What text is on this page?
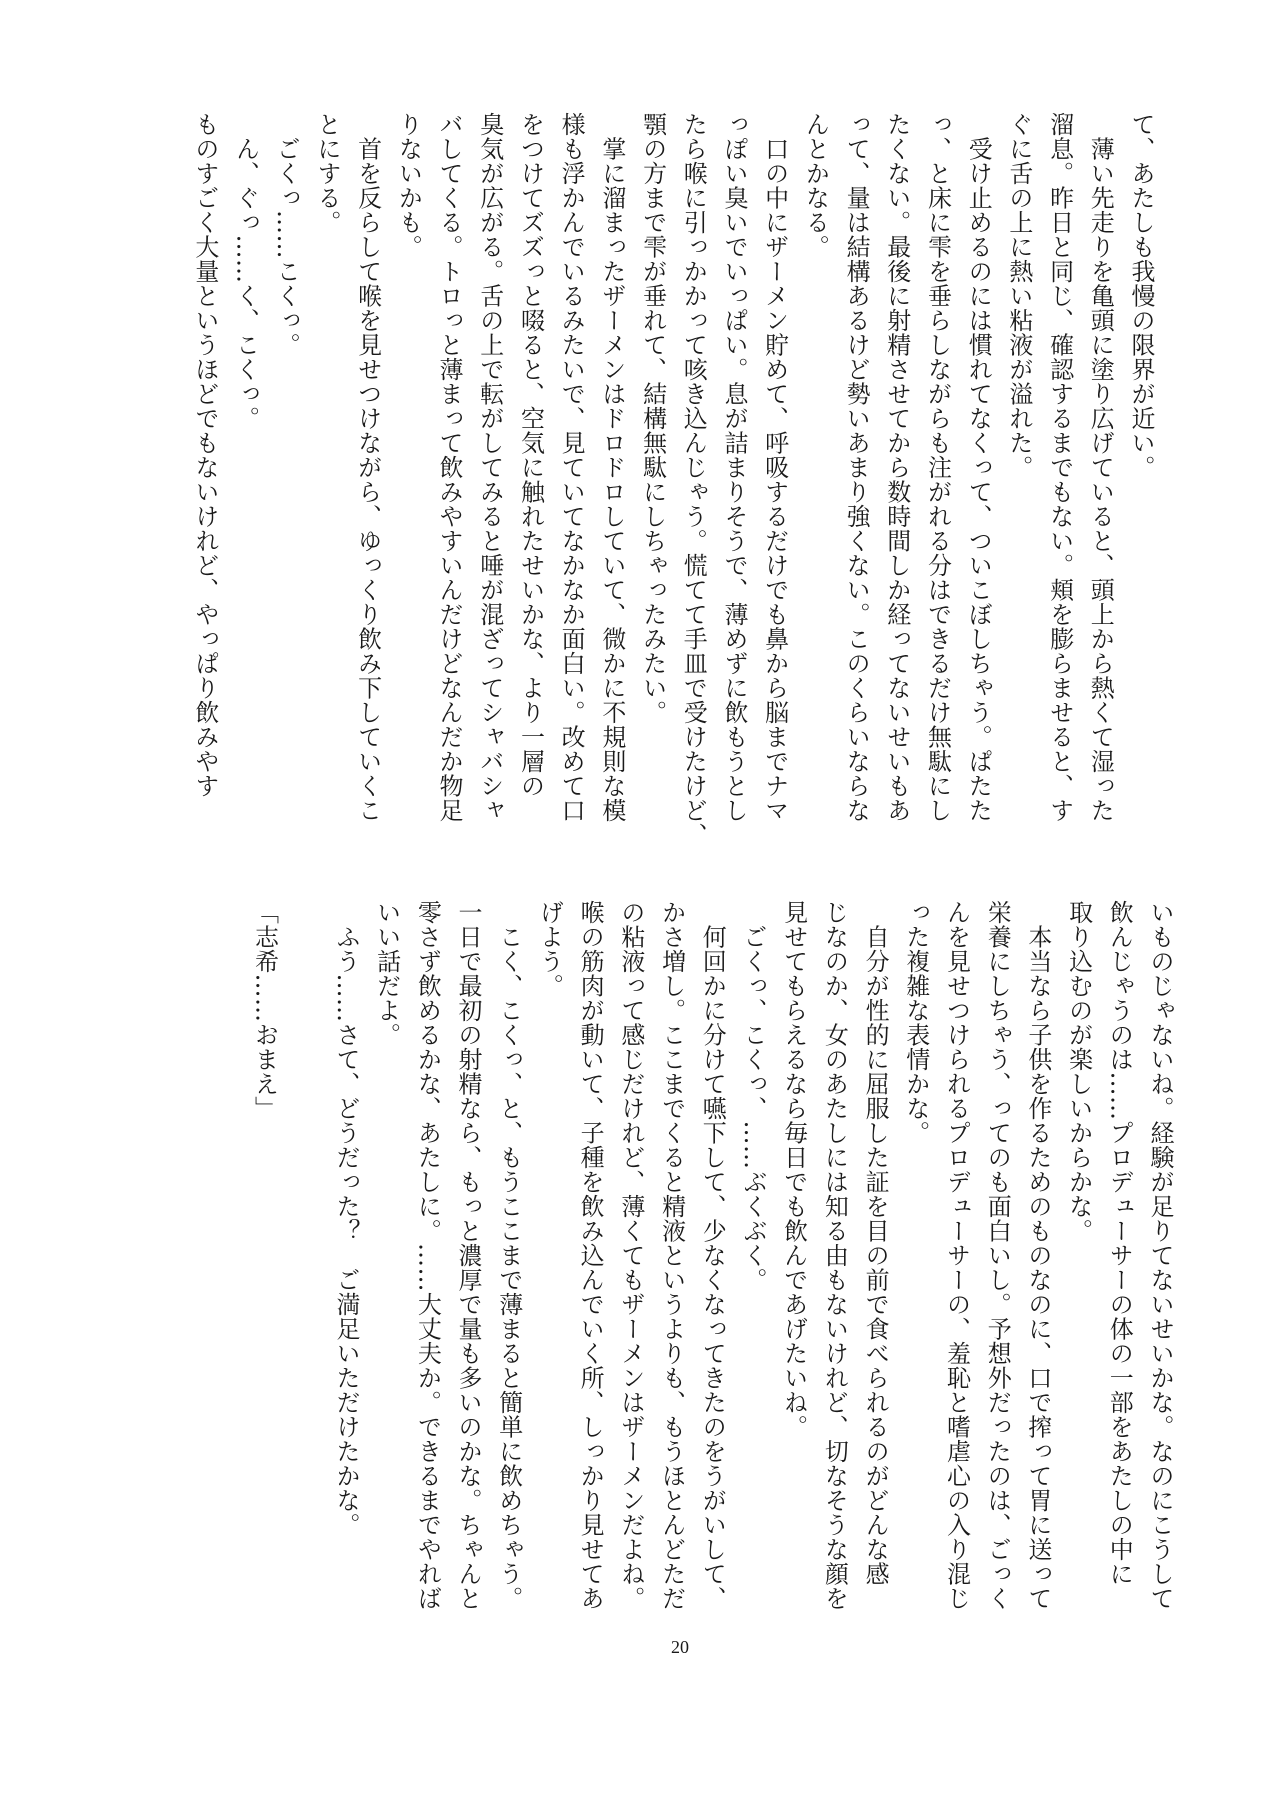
て、あたしも我慢の限界が近い。
　薄い先走りを亀頭に塗り広げていると、頭上から熱くて湿った
溜息。昨日と同じ、確認するまでもない。頬を膨らませると、す
ぐに舌の上に熱い粘液が溢れた。
　受け止めるのには慣れてなくって、ついこぼしちゃう。ぱたた
っ、と床に雫を垂らしながらも注がれる分はできるだけ無駄にし
たくない。最後に射精させてから数時間しか経ってないせいもあ
って、量は結構あるけど勢いあまり強くない。このくらいならな
んとかなる。
　口の中にザーメン貯めて、呼吸するだけでも鼻から脳までナマ
っぽい臭いでいっぱい。息が詰まりそうで、薄めずに飲もうとし
たら喉に引っかかって咳き込んじゃう。慌てて手皿で受けたけど、
顎の方まで雫が垂れて、結構無駄にしちゃったみたい。
　掌に溜まったザーメンはドロドロしていて、微かに不規則な模
様も浮かんでいるみたいで、見ていてなかなか面白い。改めて口
をつけてズズっと啜ると、空気に触れたせいかな、より一層の
臭気が広がる。舌の上で転がしてみると唾が混ざってシャバシャ
バしてくる。トロっと薄まって飲みやすいんだけどなんだか物足
りないかも。
　首を反らして喉を見せつけながら、ゆっくり飲み下していくこ
とにする。
　ごくっ……こくっ。
　ん、ぐっ……く、こくっ。
ものすごく大量というほどでもないけれど、やっぱり飲みやす
いものじゃないね。経験が足りてないせいかな。なのにこうして
飲んじゃうのは……プロデューサーの体の一部をあたしの中に
取り込むのが楽しいからかな。
　本当なら子供を作るためのものなのに、口で搾って胃に送って
栄養にしちゃう、ってのも面白いし。予想外だったのは、ごっく
んを見せつけられるプロデューサーの、羞恥と嗜虐心の入り混じ
った複雑な表情かな。
　自分が性的に屈服した証を目の前で食べられるのがどんな感
じなのか、女のあたしには知る由もないけれど、切なそうな顔を
見せてもらえるなら毎日でも飲んであげたいね。
　ごくっ、こくっ、……ぶくぶく。
　何回かに分けて嚥下して、少なくなってきたのをうがいして、
かさ増し。ここまでくると精液というよりも、もうほとんどただ
の粘液って感じだけれど、薄くてもザーメンはザーメンだよね。
喉の筋肉が動いて、子種を飲み込んでいく所、しっかり見せてあ
げよう。
　こく、こくっ、と、もうここまで薄まると簡単に飲めちゃう。
一日で最初の射精なら、もっと濃厚で量も多いのかな。ちゃんと
零さず飲めるかな、あたしに。……大丈夫か。できるまでやれば
いい話だよ。
　ふう……さて、どうだった？　ご満足いただけたかな。
「志希……おまえ」
20
